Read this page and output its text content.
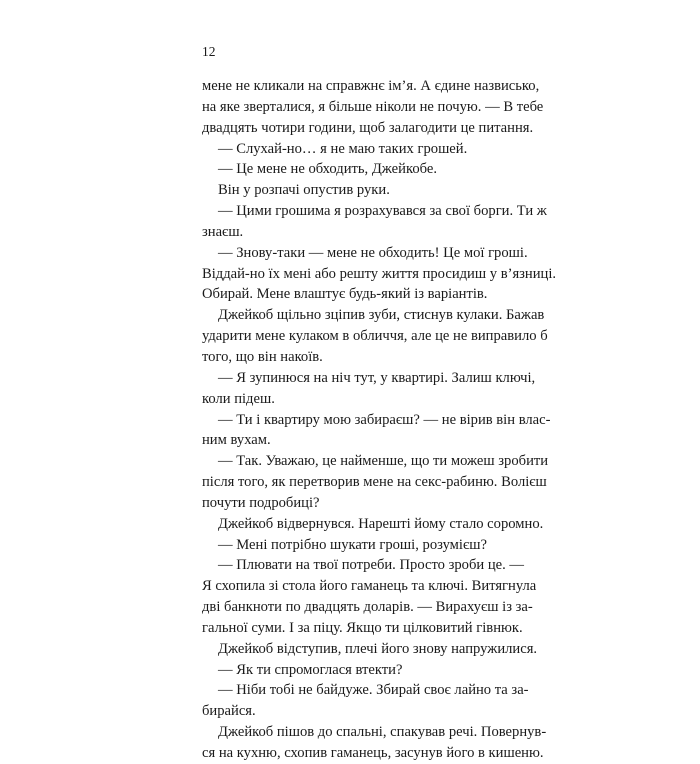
12

мене не кликали на справжнє ім’я. А єдине назвисько,
на яке зверталися, я більше ніколи не почую. — В тебе
двадцять чотири години, щоб залагодити це питання.
— Слухай-но… я не маю таких грошей.
— Це мене не обходить, Джейкобе.
Він у розпачі опустив руки.
— Цими грошима я розрахувався за свої борги. Ти ж
знаєш.
— Знову-таки — мене не обходить! Це мої гроші.
Віддай-но їх мені або решту життя просидиш у в’язниці.
Обирай. Мене влаштує будь-який із варіантів.
Джейкоб щільно зціпив зуби, стиснув кулаки. Бажав
ударити мене кулаком в обличчя, але це не виправило б
того, що він накоїв.
— Я зупинюся на ніч тут, у квартирі. Залиш ключі,
коли підеш.
— Ти і квартиру мою забираєш? — не вірив він влас-
ним вухам.
— Так. Уважаю, це найменше, що ти можеш зробити
після того, як перетворив мене на секс-рабиню. Волієш
почути подробиці?
Джейкоб відвернувся. Нарешті йому стало соромно.
— Мені потрібно шукати гроші, розумієш?
— Плювати на твої потреби. Просто зроби це. —
Я схопила зі стола його гаманець та ключі. Витягнула
дві банкноти по двадцять доларів. — Вирахуєш із за-
гальної суми. І за піцу. Якщо ти цілковитий гівнюк.
Джейкоб відступив, плечі його знову напружилися.
— Як ти спромоглася втекти?
— Ніби тобі не байдуже. Збирай своє лайно та за-
бирайся.
Джейкоб пішов до спальні, спакував речі. Повернув-
ся на кухню, схопив гаманець, засунув його в кишеню.
